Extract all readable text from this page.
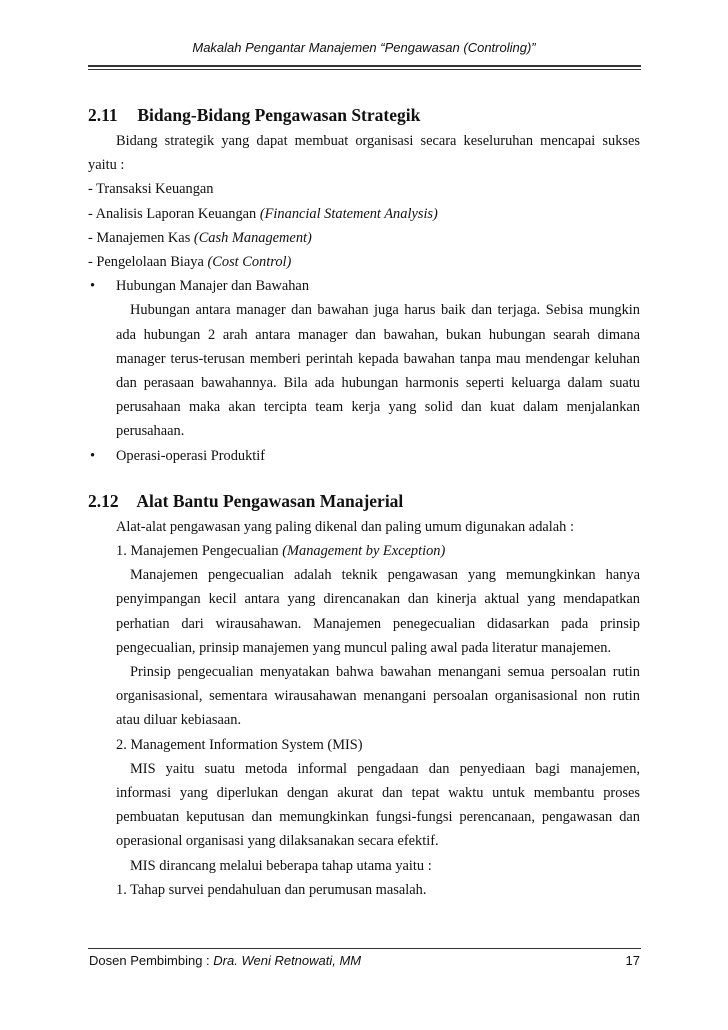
Makalah Pengantar Manajemen “Pengawasan (Controling)”
2.11 Bidang-Bidang Pengawasan Strategik
Bidang strategik yang dapat membuat organisasi secara keseluruhan mencapai sukses
yaitu :
- Transaksi Keuangan
- Analisis Laporan Keuangan (Financial Statement Analysis)
- Manajemen Kas (Cash Management)
- Pengelolaan Biaya (Cost Control)
• Hubungan Manajer dan Bawahan

Hubungan antara manager dan bawahan juga harus baik dan terjaga. Sebisa mungkin ada hubungan 2 arah antara manager dan bawahan, bukan hubungan searah dimana manager terus-terusan memberi perintah kepada bawahan tanpa mau mendengar keluhan dan perasaan bawahannya. Bila ada hubungan harmonis seperti keluarga dalam suatu perusahaan maka akan tercipta team kerja yang solid dan kuat dalam menjalankan perusahaan.

• Operasi-operasi Produktif
2.12 Alat Bantu Pengawasan Manajerial
Alat-alat pengawasan yang paling dikenal dan paling umum digunakan adalah :
1. Manajemen Pengecualian (Management by Exception)

Manajemen pengecualian adalah teknik pengawasan yang memungkinkan hanya penyimpangan kecil antara yang direncanakan dan kinerja aktual yang mendapatkan perhatian dari wirausahawan. Manajemen penegecualian didasarkan pada prinsip pengecualian, prinsip manajemen yang muncul paling awal pada literatur manajemen.

Prinsip pengecualian menyatakan bahwa bawahan menangani semua persoalan rutin organisasional, sementara wirausahawan menangani persoalan organisasional non rutin atau diluar kebiasaan.

2. Management Information System (MIS)

MIS yaitu suatu metoda informal pengadaan dan penyediaan bagi manajemen, informasi yang diperlukan dengan akurat dan tepat waktu untuk membantu proses pembuatan keputusan dan memungkinkan fungsi-fungsi perencanaan, pengawasan dan operasional organisasi yang dilaksanakan secara efektif.

MIS dirancang melalui beberapa tahap utama yaitu :

1. Tahap survei pendahuluan dan perumusan masalah.
Dosen Pembimbing : Dra. Weni Retnowati, MM	17
